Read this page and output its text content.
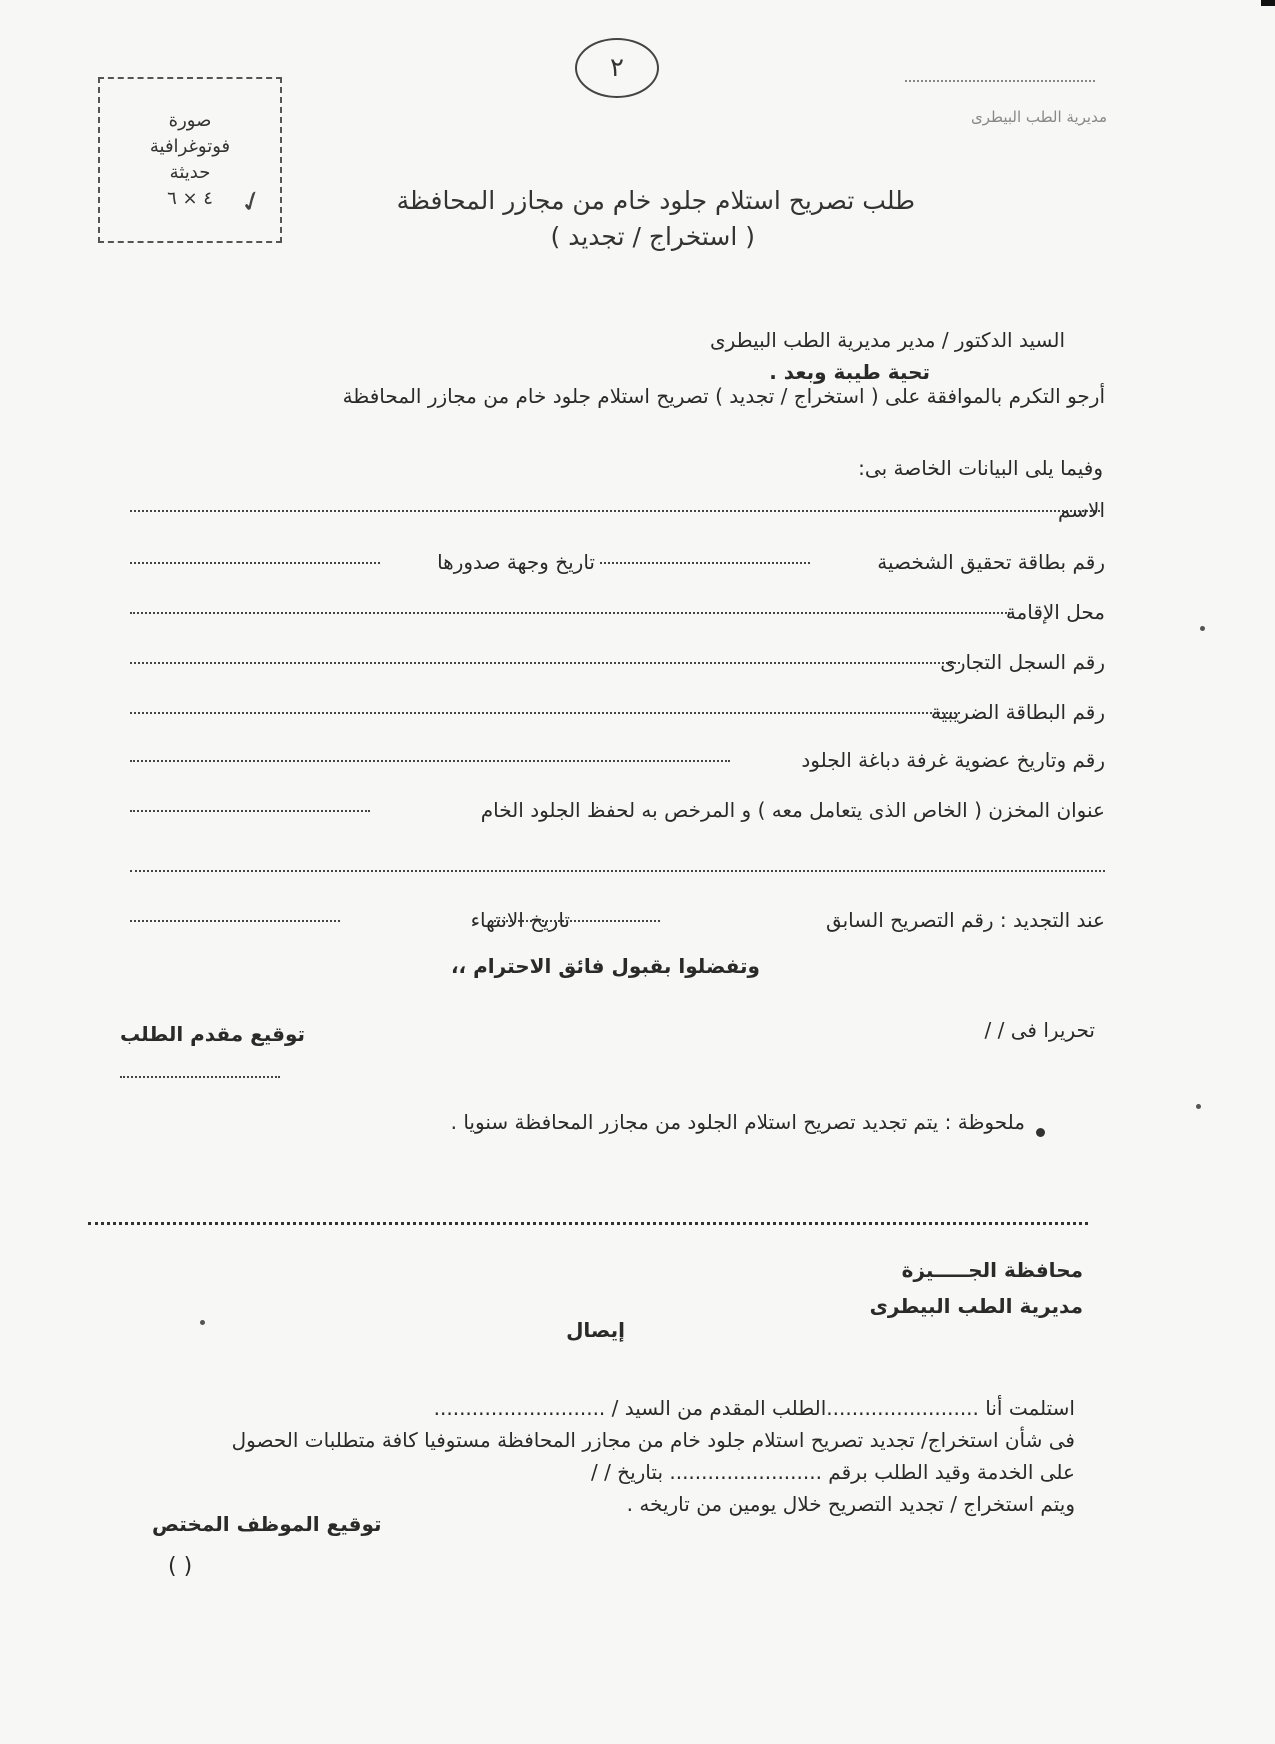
صورة
فوتوغرافية
حديثة
٤ × ٦ ✓
٢
مديرية الطب البيطرى
طلب تصريح استلام جلود خام من مجازر المحافظة
( استخراج / تجديد )
السيد الدكتور / مدير مديرية الطب البيطرى
تحية طيبة وبعد .
أرجو التكرم بالموافقة على ( استخراج / تجديد ) تصريح استلام جلود خام من مجازر المحافظة
وفيما يلى البيانات الخاصة بى:
الاسم
رقم بطاقة تحقيق الشخصية
تاريخ وجهة صدورها
محل الإقامة
رقم السجل التجارى
رقم البطاقة الضريبية
رقم وتاريخ عضوية غرفة دباغة الجلود
عنوان المخزن ( الخاص الذى يتعامل معه ) و المرخص به لحفظ الجلود الخام
عند التجديد : رقم التصريح السابق
تاريخ الانتهاء
وتفضلوا بقبول فائق الاحترام ،،
تحريرا فى / /
توقيع مقدم الطلب
ملحوظة : يتم تجديد تصريح استلام الجلود من مجازر المحافظة سنويا .
محافظة الجـــــيزة
مديرية الطب البيطرى
إيصال
استلمت أنا ........................الطلب المقدم من السيد / ...........................
فى شأن استخراج/ تجديد تصريح استلام جلود خام من مجازر المحافظة مستوفيا كافة متطلبات الحصول
على الخدمة وقيد الطلب برقم ........................ بتاريخ / /
ويتم استخراج / تجديد التصريح خلال يومين من تاريخه .
توقيع الموظف المختص
( )
